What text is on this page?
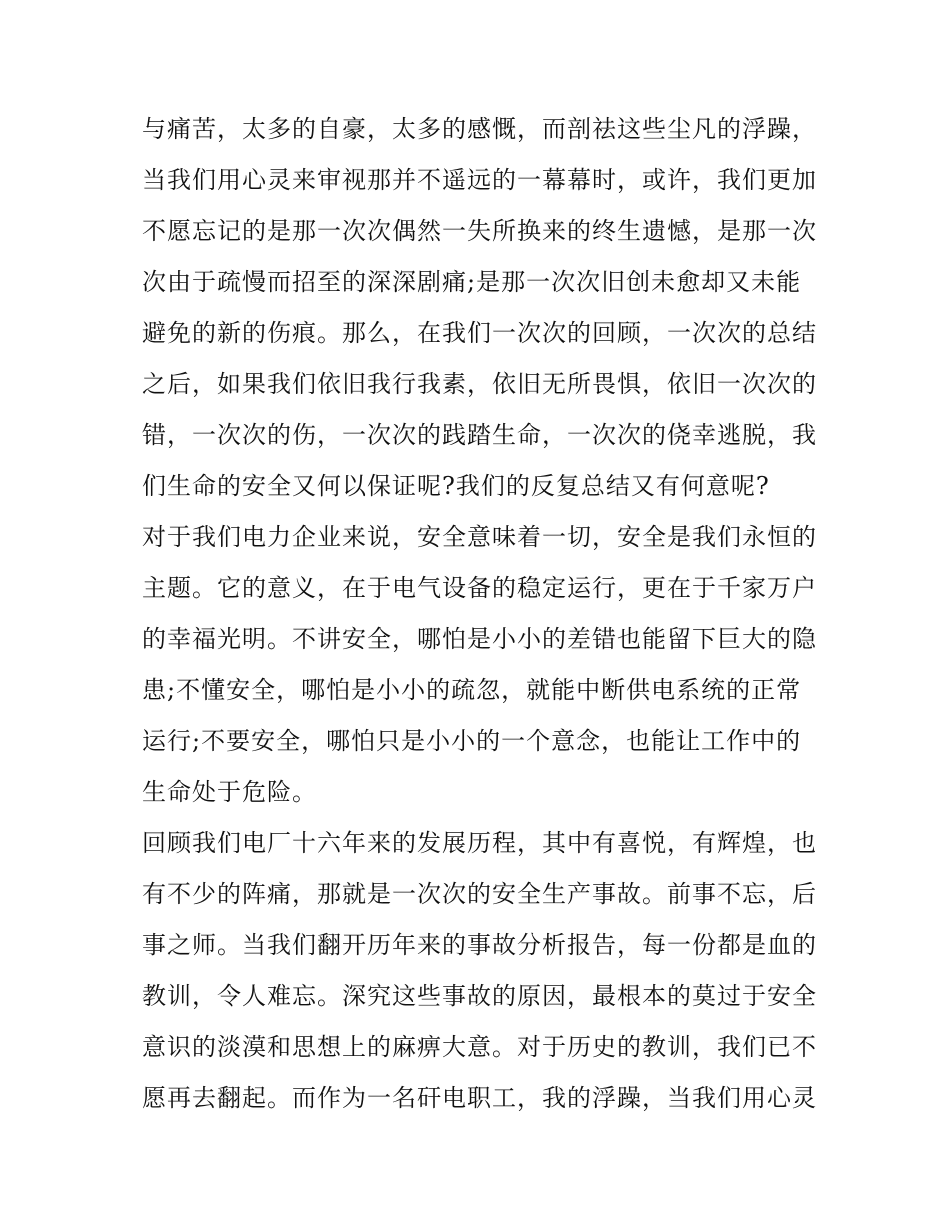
与痛苦，太多的自豪，太多的感慨，而剖祛这些尘凡的浮躁，
当我们用心灵来审视那并不遥远的一幕幕时，或许，我们更加
不愿忘记的是那一次次偶然一失所换来的终生遗憾，是那一次
次由于疏慢而招至的深深剧痛;是那一次次旧创未愈却又未能
避免的新的伤痕。那么，在我们一次次的回顾，一次次的总结
之后，如果我们依旧我行我素，依旧无所畏惧，依旧一次次的
错，一次次的伤，一次次的践踏生命，一次次的侥幸逃脱，我
们生命的安全又何以保证呢?我们的反复总结又有何意呢?
对于我们电力企业来说，安全意味着一切，安全是我们永恒的
主题。它的意义，在于电气设备的稳定运行，更在于千家万户
的幸福光明。不讲安全，哪怕是小小的差错也能留下巨大的隐
患;不懂安全，哪怕是小小的疏忽，就能中断供电系统的正常
运行;不要安全，哪怕只是小小的一个意念，也能让工作中的
生命处于危险。
回顾我们电厂十六年来的发展历程，其中有喜悦，有辉煌，也
有不少的阵痛，那就是一次次的安全生产事故。前事不忘，后
事之师。当我们翻开历年来的事故分析报告，每一份都是血的
教训，令人难忘。深究这些事故的原因，最根本的莫过于安全
意识的淡漠和思想上的麻痹大意。对于历史的教训，我们已不
愿再去翻起。而作为一名矸电职工，我的浮躁，当我们用心灵
